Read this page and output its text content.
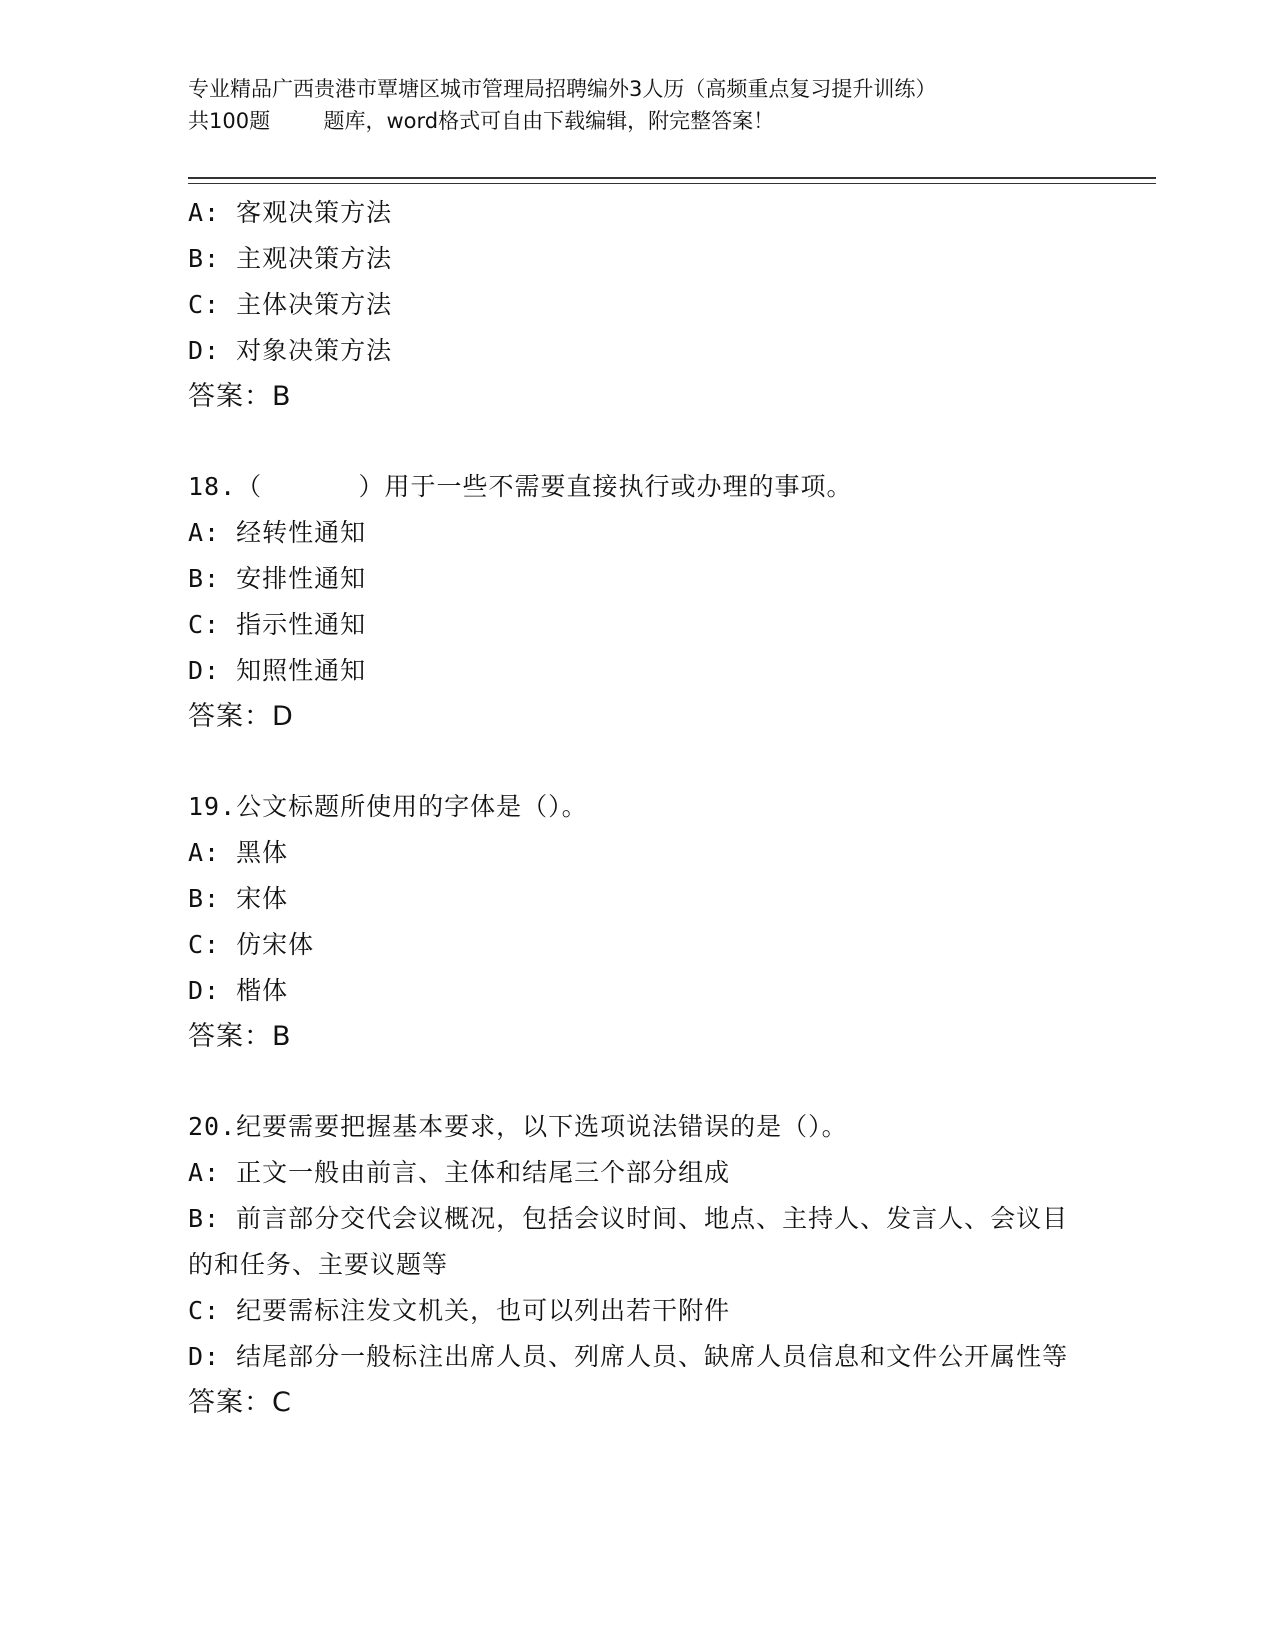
专业精品广西贵港市覃塘区城市管理局招聘编外3人历（高频重点复习提升训练）
共100题        题库，word格式可自由下载编辑，附完整答案！
A: 客观决策方法
B: 主观决策方法
C: 主体决策方法
D: 对象决策方法
答案：B
18.（      ）用于一些不需要直接执行或办理的事项。
A: 经转性通知
B: 安排性通知
C: 指示性通知
D: 知照性通知
答案：D
19.公文标题所使用的字体是（）。
A: 黑体
B: 宋体
C: 仿宋体
D: 楷体
答案：B
20.纪要需要把握基本要求，以下选项说法错误的是（）。
A: 正文一般由前言、主体和结尾三个部分组成
B: 前言部分交代会议概况，包括会议时间、地点、主持人、发言人、会议目的和任务、主要议题等
C: 纪要需标注发文机关，也可以列出若干附件
D: 结尾部分一般标注出席人员、列席人员、缺席人员信息和文件公开属性等
答案：C
